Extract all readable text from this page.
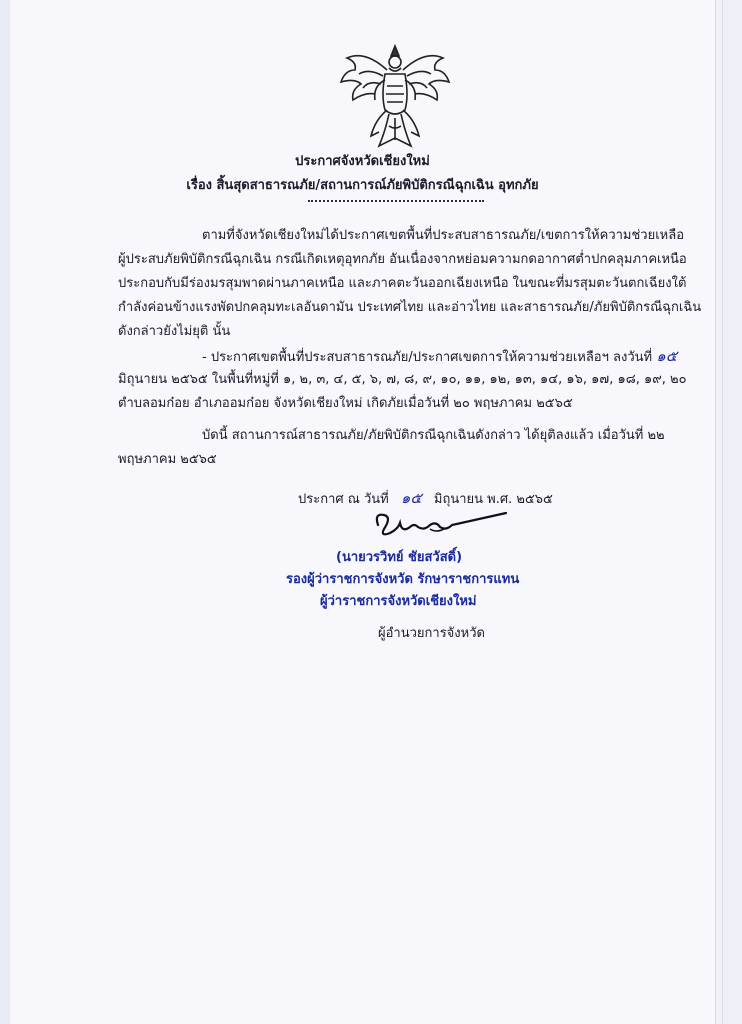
ประกาศจังหวัดเชียงใหม่
เรื่อง สิ้นสุดสาธารณภัย/สถานการณ์ภัยพิบัติกรณีฉุกเฉิน อุทกภัย
ตามที่จังหวัดเชียงใหม่ได้ประกาศเขตพื้นที่ประสบสาธารณภัย/เขตการให้ความช่วยเหลือ
ผู้ประสบภัยพิบัติกรณีฉุกเฉิน กรณีเกิดเหตุอุทกภัย อันเนื่องจากหย่อมความกดอากาศต่ำปกคลุมภาคเหนือ
ประกอบกับมีร่องมรสุมพาดผ่านภาคเหนือ และภาคตะวันออกเฉียงเหนือ ในขณะที่มรสุมตะวันตกเฉียงใต้
กำลังค่อนข้างแรงพัดปกคลุมทะเลอันดามัน ประเทศไทย และอ่าวไทย และสาธารณภัย/ภัยพิบัติกรณีฉุกเฉิน
ดังกล่าวยังไม่ยุติ นั้น
- ประกาศเขตพื้นที่ประสบสาธารณภัย/ประกาศเขตการให้ความช่วยเหลือฯ ลงวันที่ ๑๕
มิถุนายน ๒๕๖๕ ในพื้นที่หมู่ที่ ๑, ๒, ๓, ๔, ๕, ๖, ๗, ๘, ๙, ๑๐, ๑๑, ๑๒, ๑๓, ๑๔, ๑๖, ๑๗, ๑๘, ๑๙, ๒๐
ตำบลอมก๋อย อำเภออมก๋อย จังหวัดเชียงใหม่ เกิดภัยเมื่อวันที่ ๒๐ พฤษภาคม ๒๕๖๕
บัดนี้ สถานการณ์สาธารณภัย/ภัยพิบัติกรณีฉุกเฉินดังกล่าว ได้ยุติลงแล้ว เมื่อวันที่ ๒๒
พฤษภาคม ๒๕๖๕
ประกาศ ณ วันที่ ๑๕ มิถุนายน พ.ศ. ๒๕๖๕
(นายวรวิทย์ ชัยสวัสดิ์)
รองผู้ว่าราชการจังหวัด รักษาราชการแทน
ผู้ว่าราชการจังหวัดเชียงใหม่
ผู้อำนวยการจังหวัด
